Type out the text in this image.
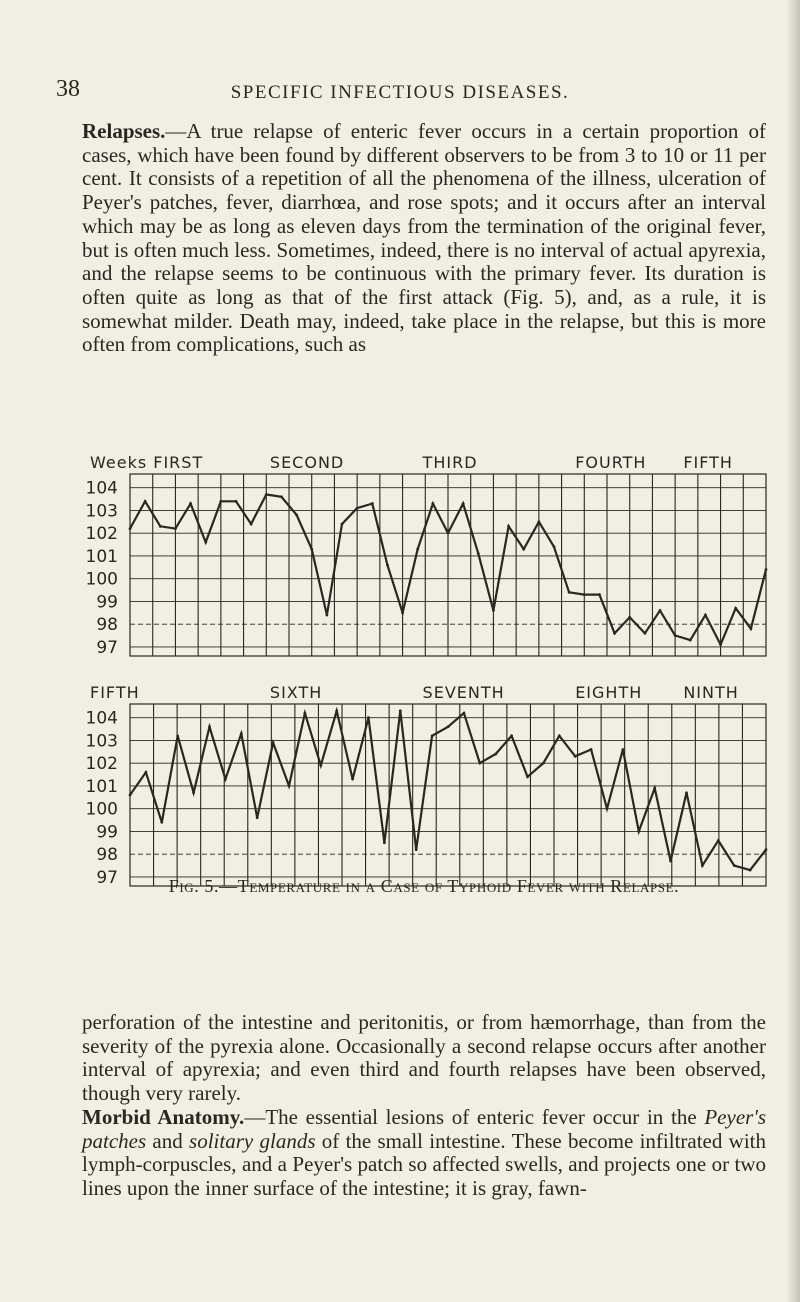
38	SPECIFIC INFECTIOUS DISEASES.

Relapses.—A true relapse of enteric fever occurs in a certain proportion of cases, which have been found by different observers to be from 3 to 10 or 11 per cent. It consists of a repetition of all the phenomena of the illness, ulceration of Peyer's patches, fever, diarrhœa, and rose spots; and it occurs after an interval which may be as long as eleven days from the termination of the original fever, but is often much less. Sometimes, indeed, there is no interval of actual apyrexia, and the relapse seems to be continuous with the primary fever. Its duration is often quite as long as that of the first attack (Fig. 5), and, as a rule, it is somewhat milder. Death may, indeed, take place in the relapse, but this is more often from complications, such as

104
103
102
101
100
99
98
97
Weeks FIRST	SECOND	THIRD	FOURTH FIFTH
104
103
102
101
100
99
98
97
FIFTH	SIXTH	SEVENTH	EIGHTH	NINTH
Fig. 5.—Temperature in a Case of Typhoid Fever with Relapse.

perforation of the intestine and peritonitis, or from hæmorrhage, than from the severity of the pyrexia alone. Occasionally a second relapse occurs after another interval of apyrexia; and even third and fourth relapses have been observed, though very rarely.

Morbid Anatomy.—The essential lesions of enteric fever occur in the Peyer's patches and solitary glands of the small intestine. These become infiltrated with lymph-corpuscles, and a Peyer's patch so affected swells, and projects one or two lines upon the inner surface of the intestine; it is gray, fawn-
